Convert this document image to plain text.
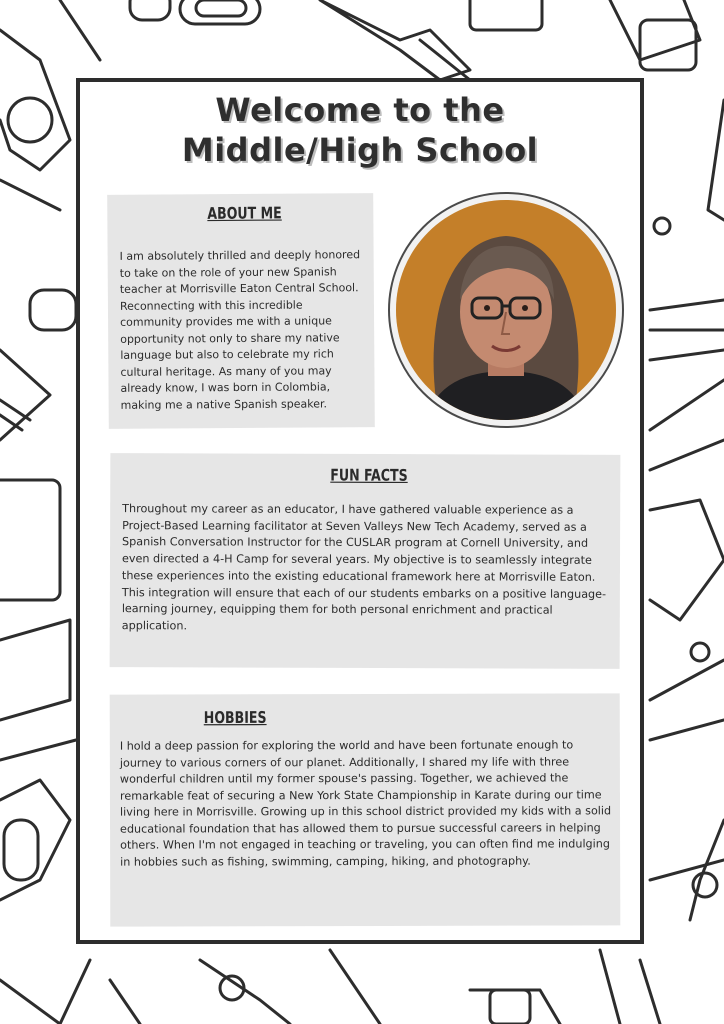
Welcome to the
Middle/High School
ABOUT ME

I am absolutely thrilled and deeply honored to take on the role of your new Spanish teacher at Morrisville Eaton Central School. Reconnecting with this incredible community provides me with a unique opportunity not only to share my native language but also to celebrate my rich cultural heritage. As many of you may already know, I was born in Colombia, making me a native Spanish speaker.

FUN FACTS

Throughout my career as an educator, I have gathered valuable experience as a Project-Based Learning facilitator at Seven Valleys New Tech Academy, served as a Spanish Conversation Instructor for the CUSLAR program at Cornell University, and even directed a 4-H Camp for several years. My objective is to seamlessly integrate these experiences into the existing educational framework here at Morrisville Eaton. This integration will ensure that each of our students embarks on a positive language-learning journey, equipping them for both personal enrichment and practical application.

HOBBIES

I hold a deep passion for exploring the world and have been fortunate enough to journey to various corners of our planet. Additionally, I shared my life with three wonderful children until my former spouse's passing. Together, we achieved the remarkable feat of securing a New York State Championship in Karate during our time living here in Morrisville. Growing up in this school district provided my kids with a solid educational foundation that has allowed them to pursue successful careers in helping others. When I'm not engaged in teaching or traveling, you can often find me indulging in hobbies such as fishing, swimming, camping, hiking, and photography.
